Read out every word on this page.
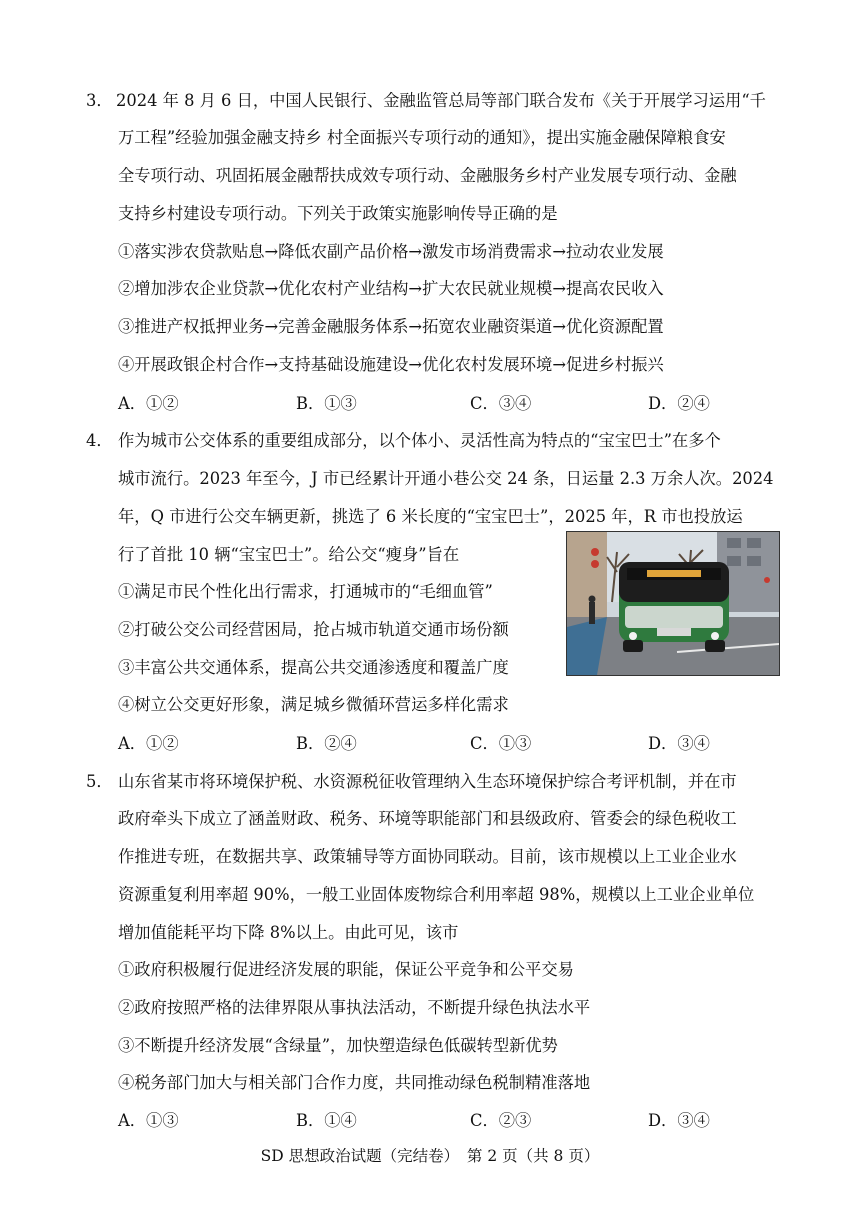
3． 2024 年 8 月 6 日，中国人民银行、金融监管总局等部门联合发布《关于开展学习运用“千
万工程”经验加强金融支持乡 村全面振兴专项行动的通知》，提出实施金融保障粮食安
全专项行动、巩固拓展金融帮扶成效专项行动、金融服务乡村产业发展专项行动、金融
支持乡村建设专项行动。下列关于政策实施影响传导正确的是
①落实涉农贷款贴息→降低农副产品价格→激发市场消费需求→拉动农业发展
②增加涉农企业贷款→优化农村产业结构→扩大农民就业规模→提高农民收入
③推进产权抵押业务→完善金融服务体系→拓宽农业融资渠道→优化资源配置
④开展政银企村合作→支持基础设施建设→优化农村发展环境→促进乡村振兴
A．①②	B．①③	C．③④	D．②④
4． 作为城市公交体系的重要组成部分，以个体小、灵活性高为特点的“宝宝巴士”在多个
城市流行。2023 年至今，J 市已经累计开通小巷公交 24 条，日运量 2.3 万余人次。2024
年，Q 市进行公交车辆更新，挑选了 6 米长度的“宝宝巴士”，2025 年，R 市也投放运
行了首批 10 辆“宝宝巴士”。给公交“瘦身”旨在
①满足市民个性化出行需求，打通城市的“毛细血管”
②打破公交公司经营困局，抢占城市轨道交通市场份额
③丰富公共交通体系，提高公共交通渗透度和覆盖广度
④树立公交更好形象，满足城乡微循环营运多样化需求
A．①②	B．②④	C．①③	D．③④
5． 山东省某市将环境保护税、水资源税征收管理纳入生态环境保护综合考评机制，并在市
政府牵头下成立了涵盖财政、税务、环境等职能部门和县级政府、管委会的绿色税收工
作推进专班，在数据共享、政策辅导等方面协同联动。目前，该市规模以上工业企业水
资源重复利用率超 90%，一般工业固体废物综合利用率超 98%，规模以上工业企业单位
增加值能耗平均下降 8%以上。由此可见，该市
①政府积极履行促进经济发展的职能，保证公平竞争和公平交易
②政府按照严格的法律界限从事执法活动，不断提升绿色执法水平
③不断提升经济发展“含绿量”，加快塑造绿色低碳转型新优势
④税务部门加大与相关部门合作力度，共同推动绿色税制精准落地
A．①③	B．①④	C．②③	D．③④
SD 思想政治试题（完结卷）　第 2 页（共 8 页）
